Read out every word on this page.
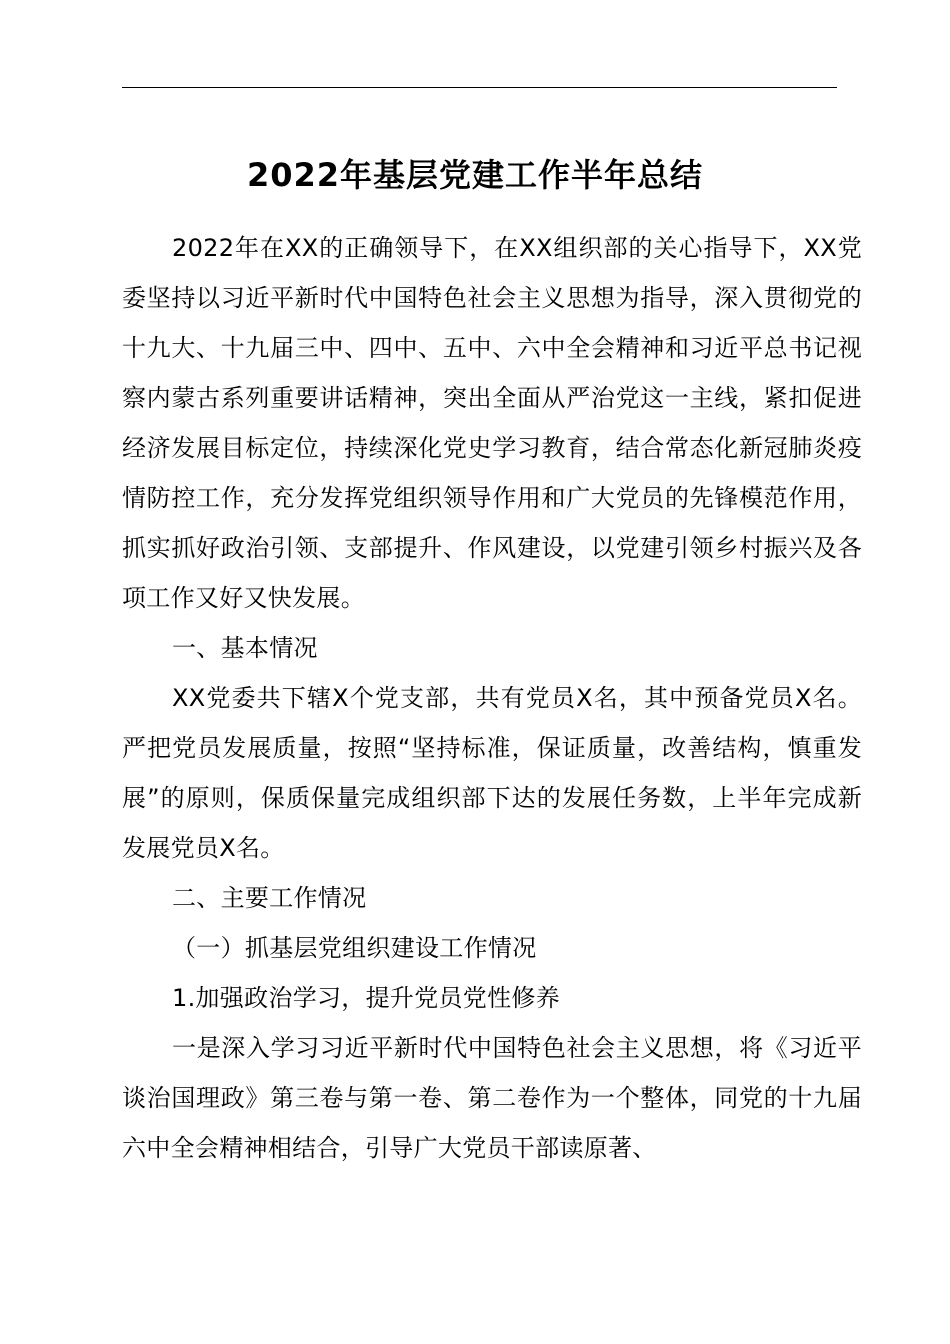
2022年基层党建工作半年总结

2022年在XX的正确领导下，在XX组织部的关心指导下，XX党委坚持以习近平新时代中国特色社会主义思想为指导，深入贯彻党的十九大、十九届三中、四中、五中、六中全会精神和习近平总书记视察内蒙古系列重要讲话精神，突出全面从严治党这一主线，紧扣促进经济发展目标定位，持续深化党史学习教育，结合常态化新冠肺炎疫情防控工作，充分发挥党组织领导作用和广大党员的先锋模范作用，抓实抓好政治引领、支部提升、作风建设，以党建引领乡村振兴及各项工作又好又快发展。

一、基本情况

XX党委共下辖X个党支部，共有党员X名，其中预备党员X名。严把党员发展质量，按照“坚持标准，保证质量，改善结构，慎重发展”的原则，保质保量完成组织部下达的发展任务数，上半年完成新发展党员X名。

二、主要工作情况

（一）抓基层党组织建设工作情况

1.加强政治学习，提升党员党性修养

一是深入学习习近平新时代中国特色社会主义思想，将《习近平谈治国理政》第三卷与第一卷、第二卷作为一个整体，同党的十九届六中全会精神相结合，引导广大党员干部读原著、
